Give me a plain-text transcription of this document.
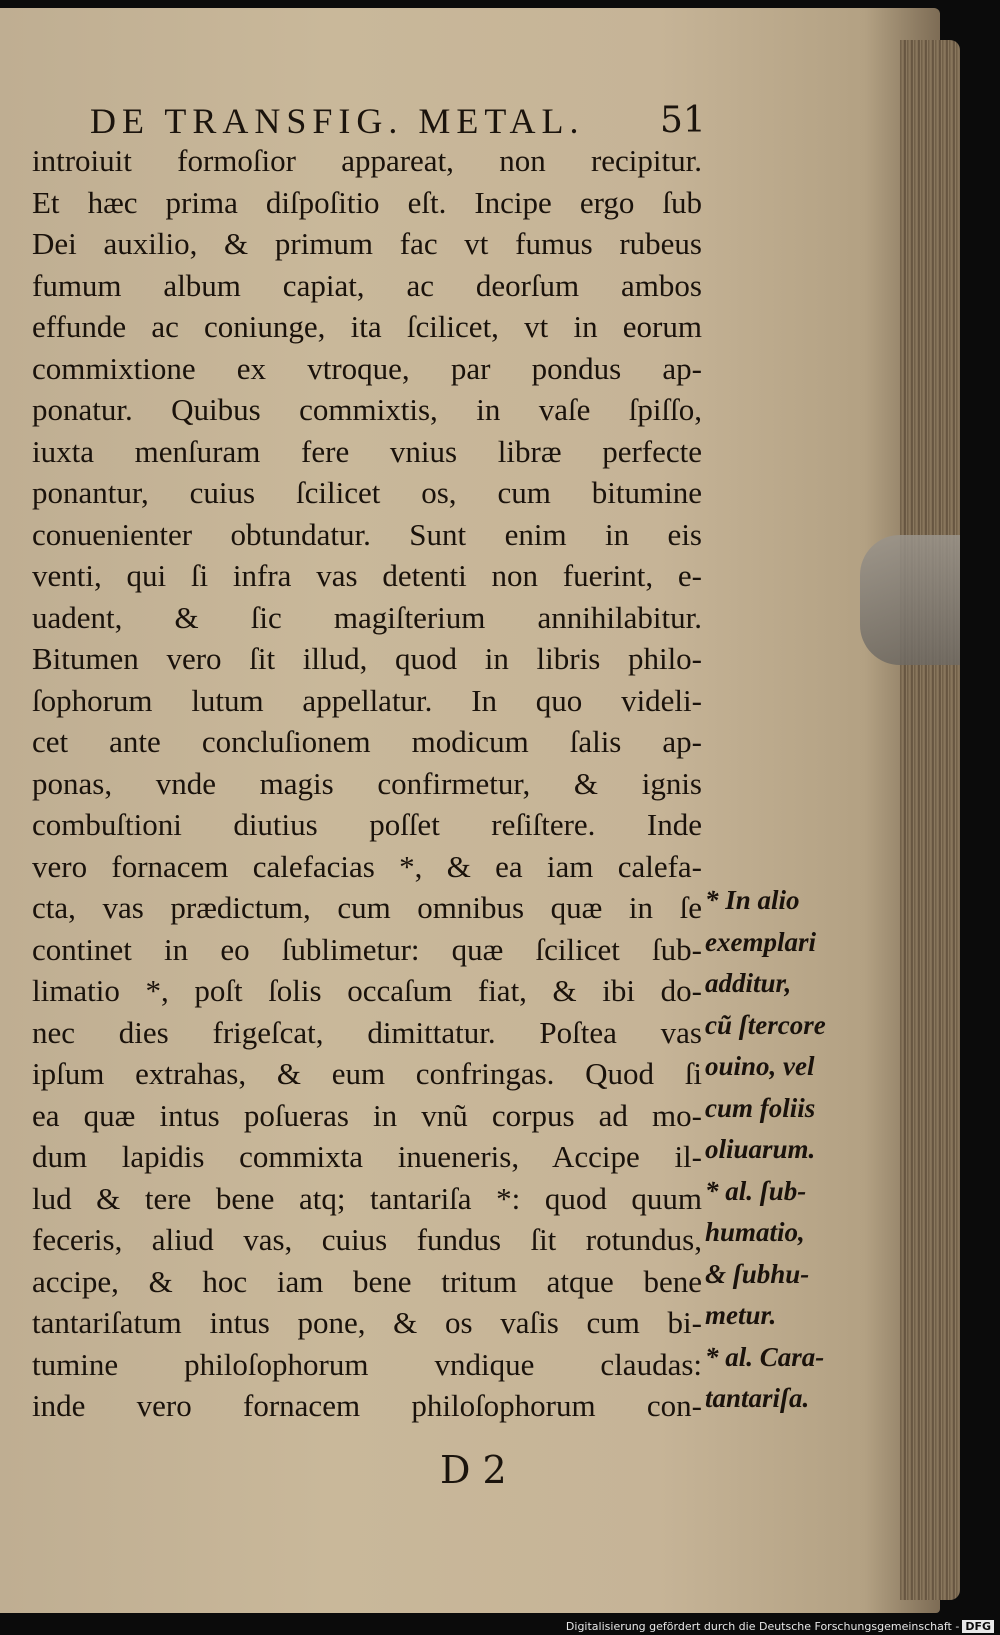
DE TRANSFIG. METAL.	51
introiuit formoſior appareat, non recipitur.
Et hæc prima diſpoſitio eſt. Incipe ergo ſub
Dei auxilio, & primum fac vt fumus rubeus
fumum album capiat, ac deorſum ambos
effunde ac coniunge, ita ſcilicet, vt in eorum
commixtione ex vtroque, par pondus ap-
ponatur. Quibus commixtis, in vaſe ſpiſſo,
iuxta menſuram fere vnius libræ perfecte
ponantur, cuius ſcilicet os, cum bitumine
conuenienter obtundatur. Sunt enim in eis
venti, qui ſi infra vas detenti non fuerint, e-
uadent, & ſic magiſterium annihilabitur.
Bitumen vero ſit illud, quod in libris philo-
ſophorum lutum appellatur. In quo videli-
cet ante concluſionem modicum ſalis ap-
ponas, vnde magis confirmetur, & ignis
combuſtioni diutius poſſet reſiſtere. Inde
vero fornacem calefacias *, & ea iam calefa-
cta, vas prædictum, cum omnibus quæ in ſe
continet in eo ſublimetur: quæ ſcilicet ſub-
limatio *, poſt ſolis occaſum fiat, & ibi do-
nec dies frigeſcat, dimittatur. Poſtea vas
ipſum extrahas, & eum confringas. Quod ſi
ea quæ intus poſueras in vnũ corpus ad mo-
dum lapidis commixta inueneris, Accipe il-
lud & tere bene atq; tantariſa *: quod quum
feceris, aliud vas, cuius fundus ſit rotundus,
accipe, & hoc iam bene tritum atque bene
tantariſatum intus pone, & os vaſis cum bi-
tumine philoſophorum vndique claudas:
inde vero fornacem philoſophorum con-
* In alio
exemplari
additur,
cũ ſtercore
ouino, vel
cum foliis
oliuarum.
* al. ſub-
humatio,
& ſubhu-
metur.
* al. Cara-
tantariſa.
D 2
Digitalisierung gefördert durch die Deutsche Forschungsgemeinschaft - DFG
